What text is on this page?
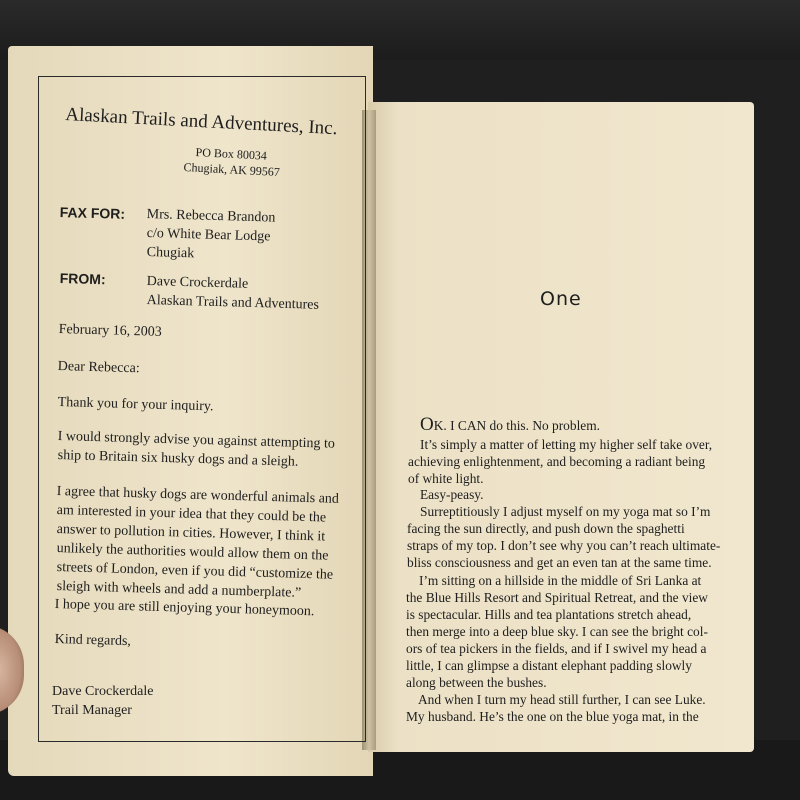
Alaskan Trails and Adventures, Inc.

PO Box 80034

Chugiak, AK 99567

FAX FOR: Mrs. Rebecca Brandon

c/o White Bear Lodge

Chugiak

FROM:	Dave Crockerdale

Alaskan Trails and Adventures

February 16, 2003

Dear Rebecca:

Thank you for your inquiry.

I would strongly advise you against attempting to

ship to Britain six husky dogs and a sleigh.

I agree that husky dogs are wonderful animals and

am interested in your idea that they could be the

answer to pollution in cities. However, I think it

unlikely the authorities would allow them on the

streets of London, even if you did “customize the

sleigh with wheels and add a numberplate.”

I hope you are still enjoying your honeymoon.

Kind regards,

Dave Crockerdale

Trail Manager

One

OK. I CAN do this. No problem.
It’s simply a matter of letting my higher self take over,
achieving enlightenment, and becoming a radiant being
of white light.
Easy-peasy.
Surreptitiously I adjust myself on my yoga mat so I’m
facing the sun directly, and push down the spaghetti
straps of my top. I don’t see why you can’t reach ultimate-
bliss consciousness and get an even tan at the same time.
I’m sitting on a hillside in the middle of Sri Lanka at
the Blue Hills Resort and Spiritual Retreat, and the view
is spectacular. Hills and tea plantations stretch ahead,
then merge into a deep blue sky. I can see the bright col-
ors of tea pickers in the fields, and if I swivel my head a
little, I can glimpse a distant elephant padding slowly
along between the bushes.
And when I turn my head still further, I can see Luke.
My husband. He’s the one on the blue yoga mat, in the
